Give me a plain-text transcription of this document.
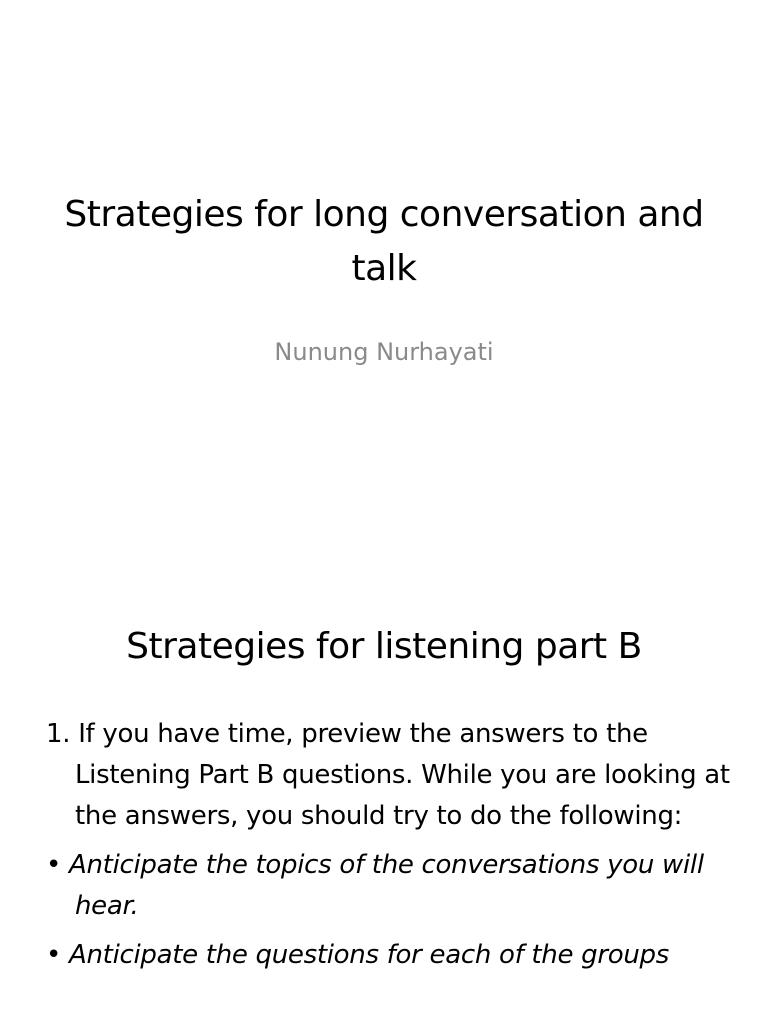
Strategies for long conversation and talk
Nunung Nurhayati
Strategies for listening part B

1. If you have time, preview the answers to the Listening Part B questions. While you are looking at the answers, you should try to do the following:

• Anticipate the topics of the conversations you will hear.

• Anticipate the questions for each of the groups
